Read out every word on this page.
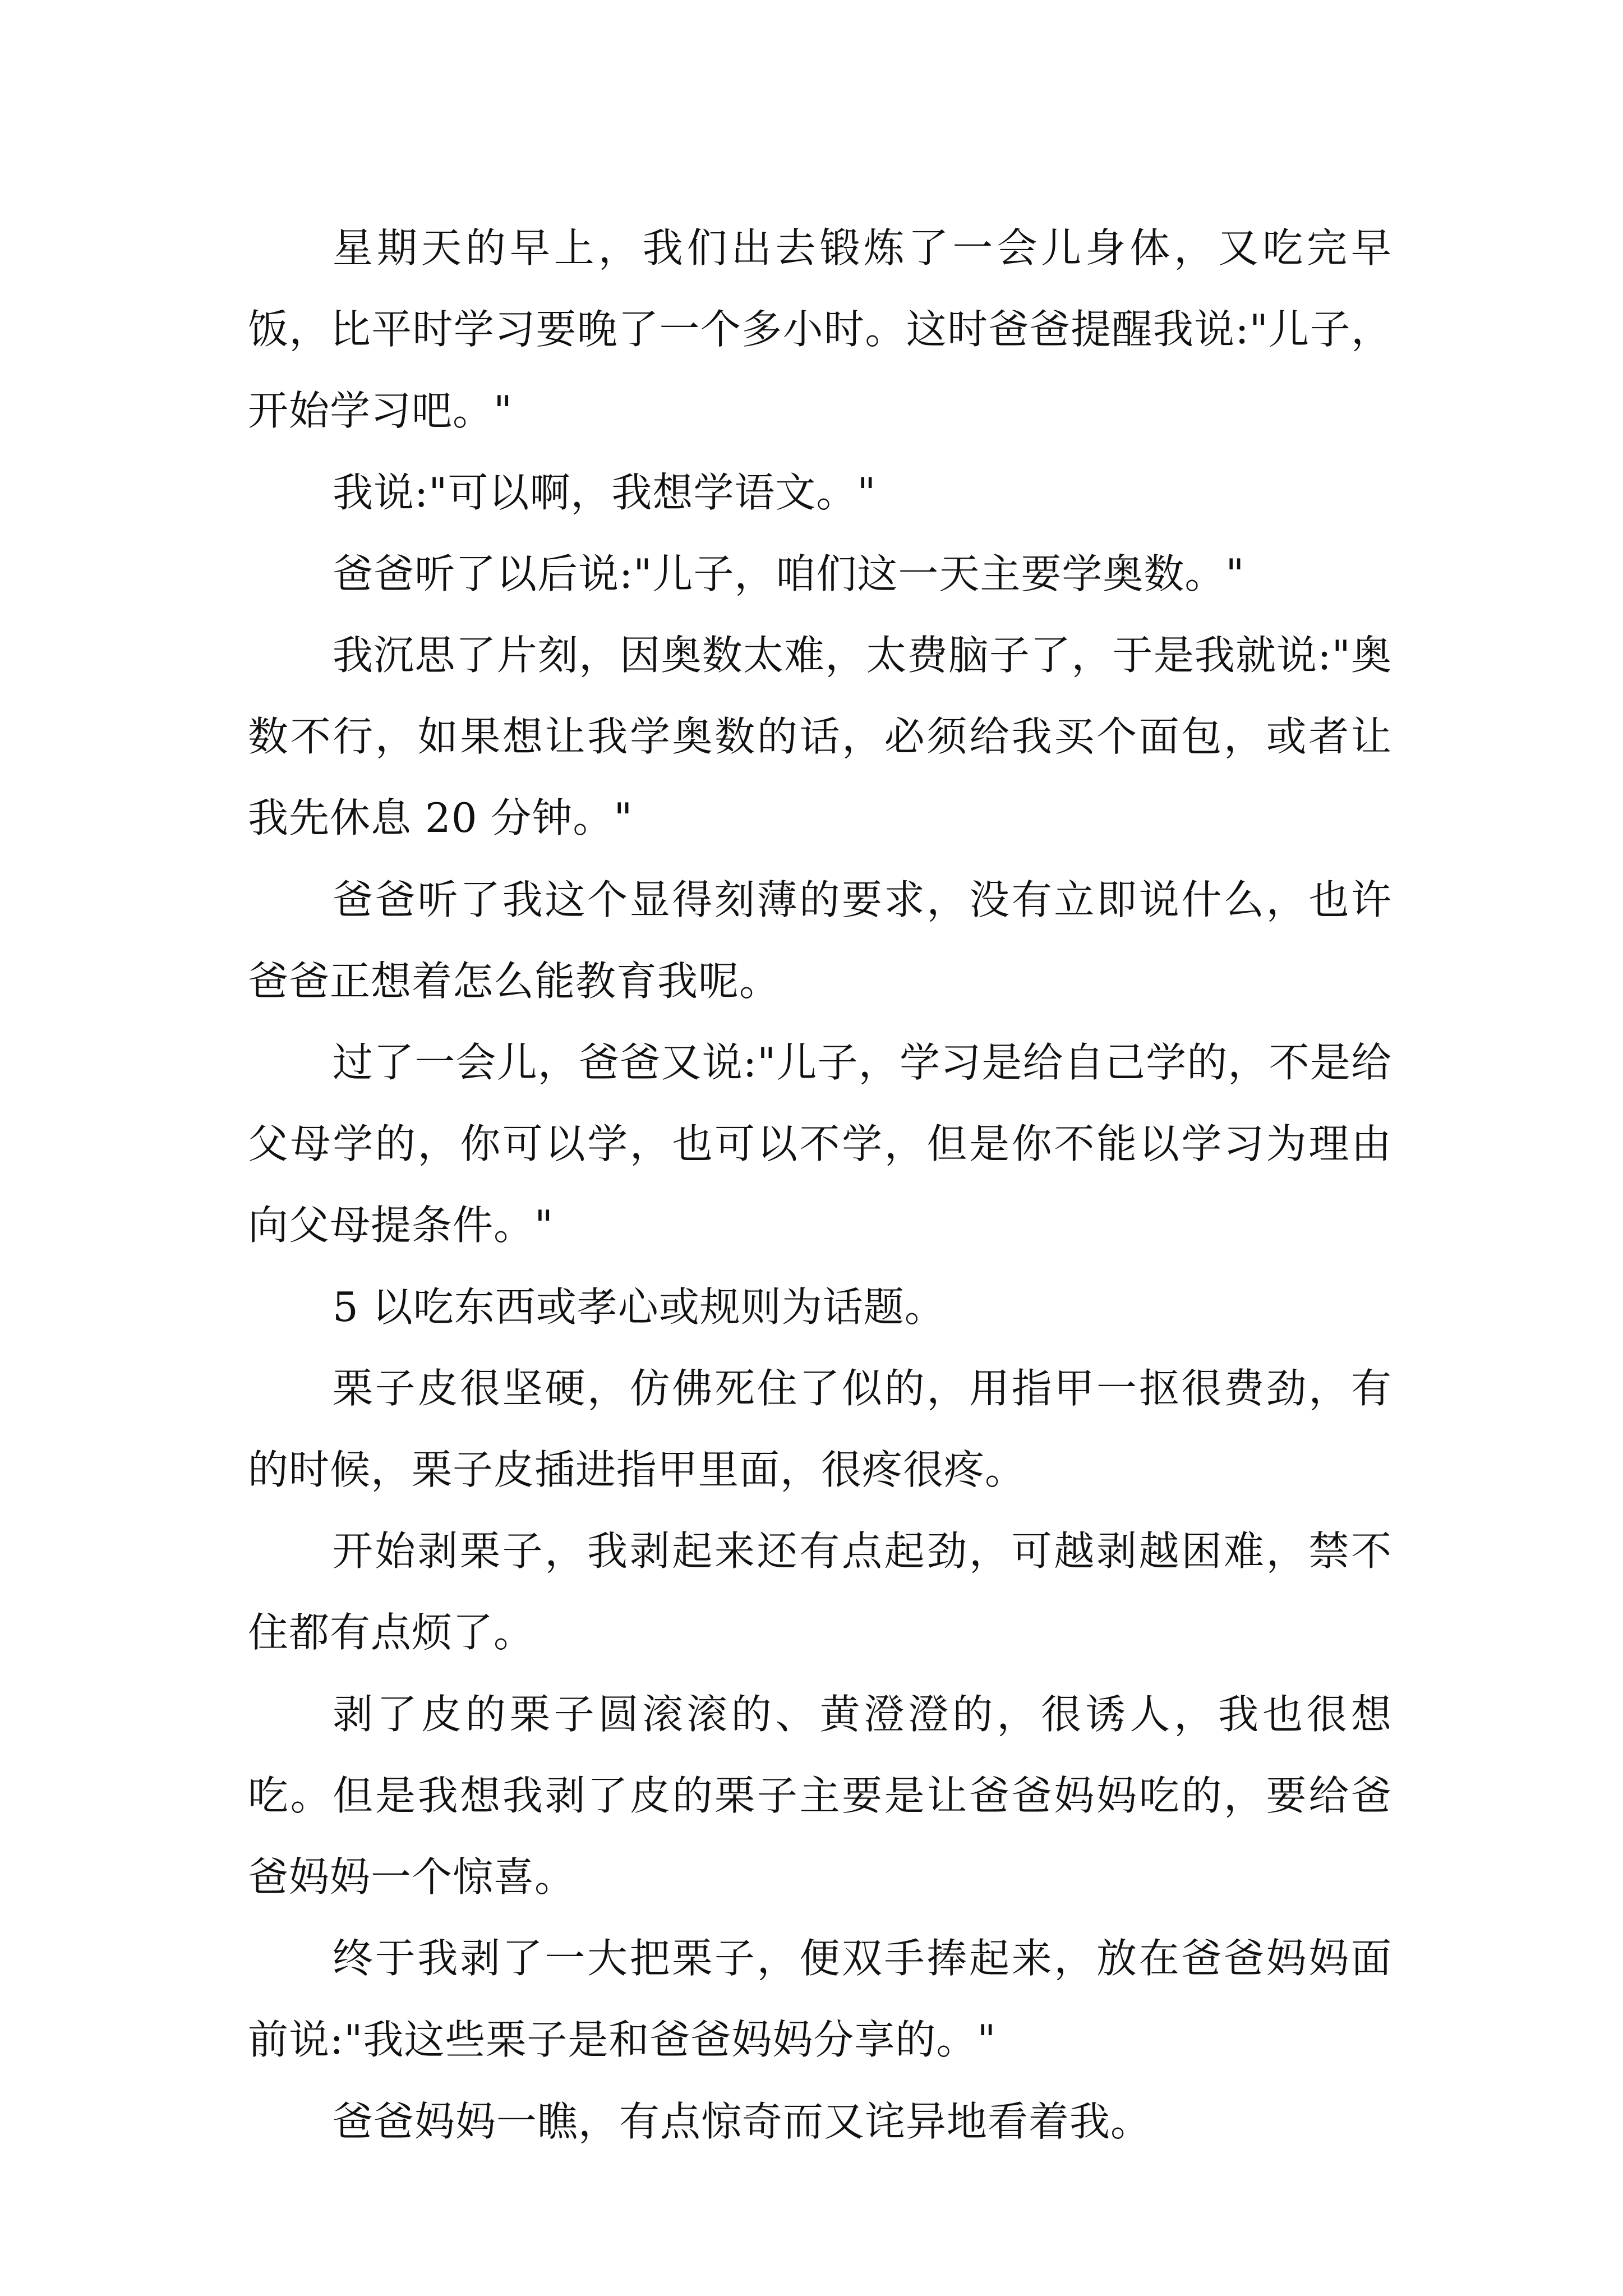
星期天的早上，我们出去锻炼了一会儿身体，又吃完早饭，比平时学习要晚了一个多小时。这时爸爸提醒我说:"儿子，开始学习吧。"

我说:"可以啊，我想学语文。"

爸爸听了以后说:"儿子，咱们这一天主要学奥数。"

我沉思了片刻，因奥数太难，太费脑子了，于是我就说:"奥数不行，如果想让我学奥数的话，必须给我买个面包，或者让我先休息 20 分钟。"

爸爸听了我这个显得刻薄的要求，没有立即说什么，也许爸爸正想着怎么能教育我呢。

过了一会儿，爸爸又说:"儿子，学习是给自己学的，不是给父母学的，你可以学，也可以不学，但是你不能以学习为理由向父母提条件。"

5 以吃东西或孝心或规则为话题。

栗子皮很坚硬，仿佛死住了似的，用指甲一抠很费劲，有的时候，栗子皮插进指甲里面，很疼很疼。

开始剥栗子，我剥起来还有点起劲，可越剥越困难，禁不住都有点烦了。

剥了皮的栗子圆滚滚的、黄澄澄的，很诱人，我也很想吃。但是我想我剥了皮的栗子主要是让爸爸妈妈吃的，要给爸爸妈妈一个惊喜。

终于我剥了一大把栗子，便双手捧起来，放在爸爸妈妈面前说:"我这些栗子是和爸爸妈妈分享的。"

爸爸妈妈一瞧，有点惊奇而又诧异地看着我。
